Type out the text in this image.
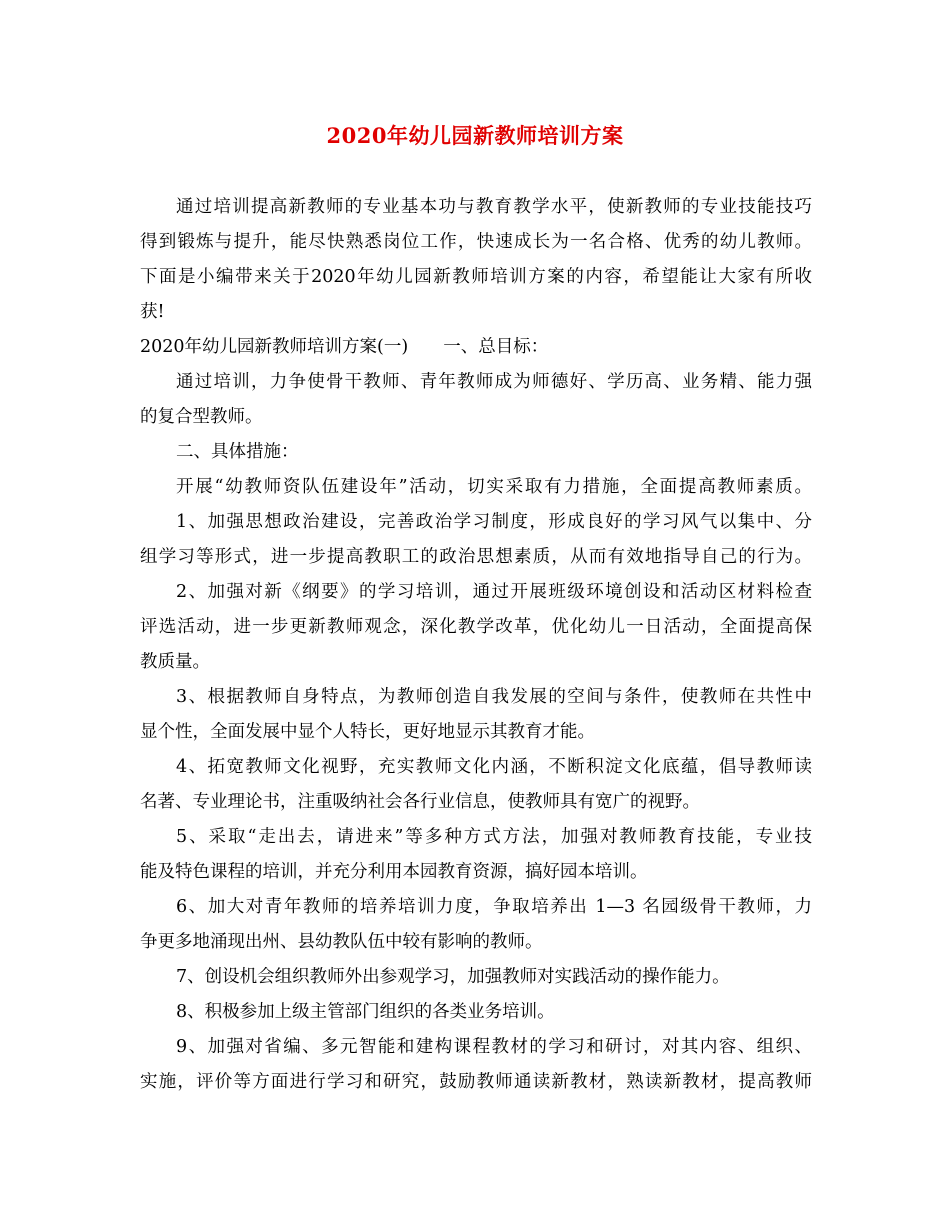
2020年幼儿园新教师培训方案
通过培训提高新教师的专业基本功与教育教学水平，使新教师的专业技能技巧
得到锻炼与提升，能尽快熟悉岗位工作，快速成长为一名合格、优秀的幼儿教师。
下面是小编带来关于2020年幼儿园新教师培训方案的内容，希望能让大家有所收
获!
2020年幼儿园新教师培训方案(一)　　一、总目标：
通过培训，力争使骨干教师、青年教师成为师德好、学历高、业务精、能力强
的复合型教师。
二、具体措施：
开展“幼教师资队伍建设年”活动，切实采取有力措施，全面提高教师素质。
1、加强思想政治建设，完善政治学习制度，形成良好的学习风气以集中、分
组学习等形式，进一步提高教职工的政治思想素质，从而有效地指导自己的行为。
2、加强对新《纲要》的学习培训，通过开展班级环境创设和活动区材料检查
评选活动，进一步更新教师观念，深化教学改革，优化幼儿一日活动，全面提高保
教质量。
3、根据教师自身特点，为教师创造自我发展的空间与条件，使教师在共性中
显个性，全面发展中显个人特长，更好地显示其教育才能。
4、拓宽教师文化视野，充实教师文化内涵，不断积淀文化底蕴，倡导教师读
名著、专业理论书，注重吸纳社会各行业信息，使教师具有宽广的视野。
5、采取“走出去，请进来”等多种方式方法，加强对教师教育技能，专业技
能及特色课程的培训，并充分利用本园教育资源，搞好园本培训。
6、加大对青年教师的培养培训力度，争取培养出 1—3 名园级骨干教师，力
争更多地涌现出州、县幼教队伍中较有影响的教师。
7、创设机会组织教师外出参观学习，加强教师对实践活动的操作能力。
8、积极参加上级主管部门组织的各类业务培训。
9、加强对省编、多元智能和建构课程教材的学习和研讨，对其内容、组织、
实施，评价等方面进行学习和研究，鼓励教师通读新教材，熟读新教材，提高教师
